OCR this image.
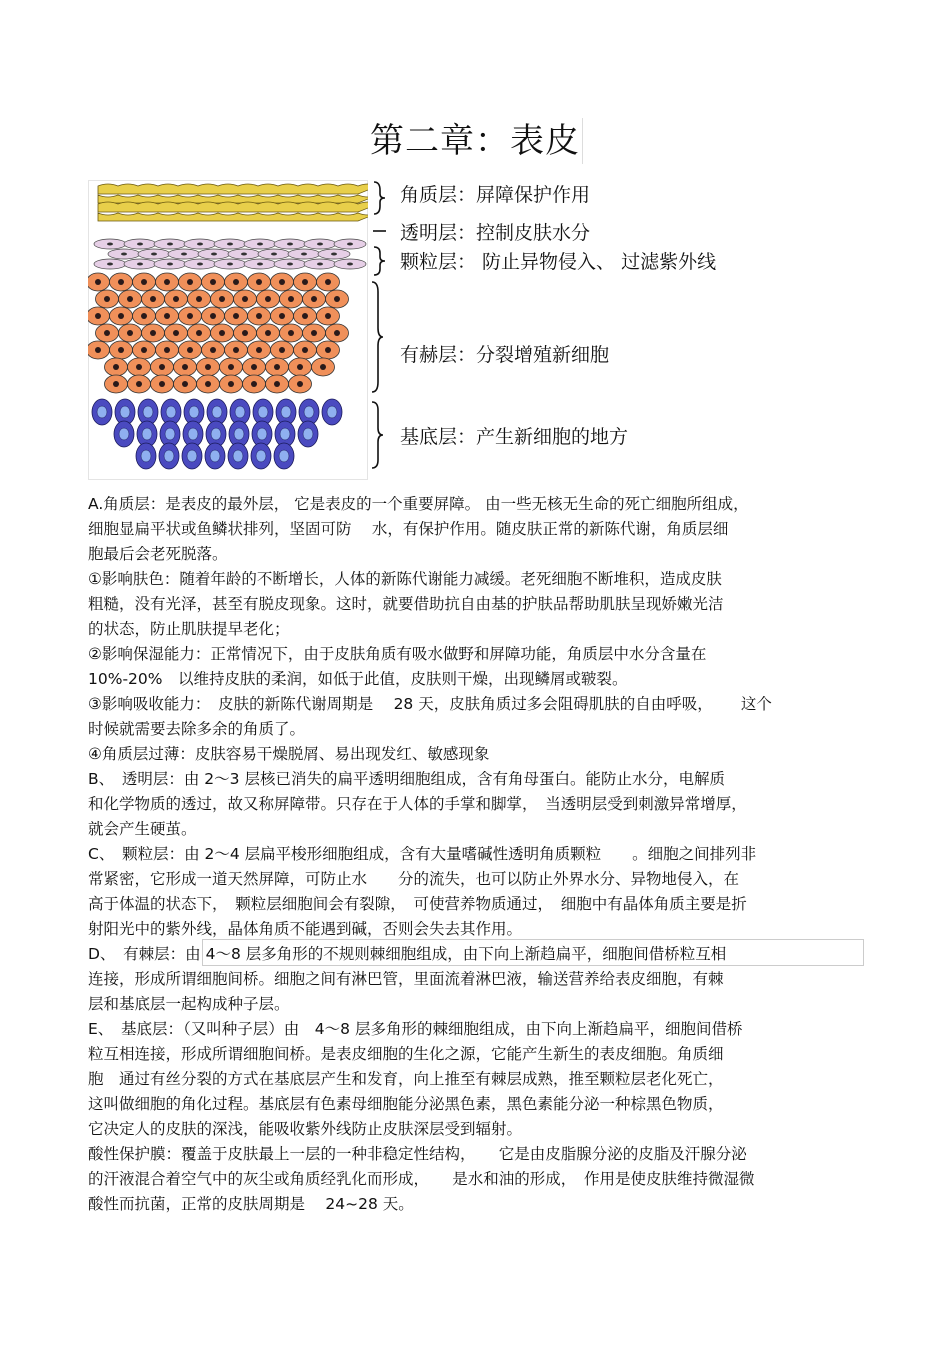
第二章：表皮
角质层：屏障保护作用
透明层：控制皮肤水分
颗粒层： 防止异物侵入、 过滤紫外线
有赫层：分裂增殖新细胞
基底层：产生新细胞的地方

A.角质层：是表皮的最外层， 它是表皮的一个重要屏障。 由一些无核无生命的死亡细胞所组成，

细胞显扁平状或鱼鳞状排列，坚固可防　 水，有保护作用。随皮肤正常的新陈代谢，角质层细

胞最后会老死脱落。

①影响肤色：随着年龄的不断增长，人体的新陈代谢能力减缓。老死细胞不断堆积，造成皮肤

粗糙，没有光泽，甚至有脱皮现象。这时，就要借助抗自由基的护肤品帮助肌肤呈现娇嫩光洁

的状态，防止肌肤提早老化；

②影响保湿能力：正常情况下，由于皮肤角质有吸水做野和屏障功能，角质层中水分含量在

10%-20%　以维持皮肤的柔润，如低于此值，皮肤则干燥，出现鳞屑或皲裂。

③影响吸收能力：　皮肤的新陈代谢周期是　 28 天，皮肤角质过多会阻碍肌肤的自由呼吸，　　 这个

时候就需要去除多余的角质了。

④角质层过薄：皮肤容易干燥脱屑、易出现发红、敏感现象

B、　透明层：由 2～3 层核已消失的扁平透明细胞组成，含有角母蛋白。能防止水分，电解质

和化学物质的透过，故又称屏障带。只存在于人体的手掌和脚掌，　当透明层受到刺激异常增厚，

就会产生硬茧。

C、　颗粒层：由 2～4 层扁平梭形细胞组成，含有大量嗜碱性透明角质颗粒　　。细胞之间排列非

常紧密，它形成一道天然屏障，可防止水　　分的流失，也可以防止外界水分、异物地侵入，在

高于体温的状态下，　颗粒层细胞间会有裂隙，　可使营养物质通过，　细胞中有晶体角质主要是折

射阳光中的紫外线，晶体角质不能遇到碱，否则会失去其作用。

D、　有棘层：由 4～8 层多角形的不规则棘细胞组成，由下向上渐趋扁平，细胞间借桥粒互相

连接，形成所谓细胞间桥。细胞之间有淋巴管，里面流着淋巴液，输送营养给表皮细胞，有棘

层和基底层一起构成种子层。

E、　基底层：（又叫种子层）由　4～8 层多角形的棘细胞组成，由下向上渐趋扁平，细胞间借桥

粒互相连接，形成所谓细胞间桥。是表皮细胞的生化之源，它能产生新生的表皮细胞。角质细

胞　通过有丝分裂的方式在基底层产生和发育，向上推至有棘层成熟，推至颗粒层老化死亡，

这叫做细胞的角化过程。基底层有色素母细胞能分泌黑色素，黑色素能分泌一种棕黑色物质，

它决定人的皮肤的深浅，能吸收紫外线防止皮肤深层受到辐射。

酸性保护膜：覆盖于皮肤最上一层的一种非稳定性结构，　　它是由皮脂腺分泌的皮脂及汗腺分泌

的汗液混合着空气中的灰尘或角质经乳化而形成，　　是水和油的形成，　作用是使皮肤维持微湿微

酸性而抗菌，正常的皮肤周期是　 24~28 天。
